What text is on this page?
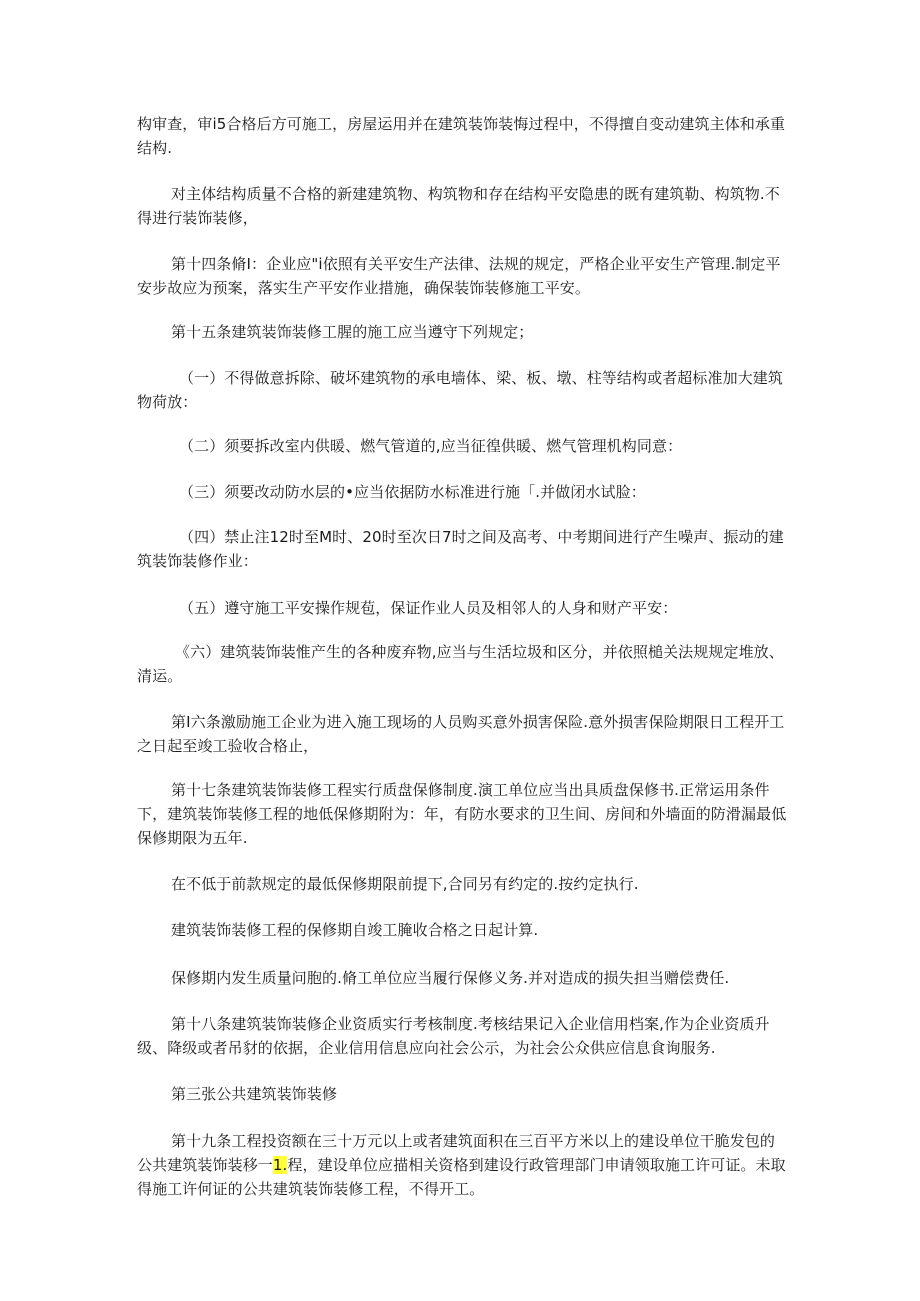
构审查，审i5合格后方可施工，房屋运用并在建筑装饰装悔过程中，不得擅自变动建筑主体和承重结构.

对主体结构质量不合格的新建建筑物、构筑物和存在结构平安隐患的既有建筑勒、构筑物.不得进行装饰装修，

第十四条脩I：企业应"i依照有关平安生产法律、法规的规定，严格企业平安生产管理.制定平安步故应为预案，落实生产平安作业措施，确保装饰装修施工平安。

第十五条建筑装饰装修工腥的施工应当遵守下列规定；

（一）不得做意拆除、破坏建筑物的承电墙体、梁、板、墩、柱等结构或者超标准加大建筑物荷放：

（二）须要拆改室内供暖、燃气管道的,应当征徨供暖、燃气管理机构同意：

（三）须要改动防水层的•应当依据防水标准进行施「.并做闭水试脸：

（四）禁止注12时至M时、20时至次日7时之间及高考、中考期间进行产生噪声、振动的建筑装饰装修作业：

（五）遵守施工平安操作规苞，保证作业人员及相邻人的人身和财产平安：

《六）建筑装饰装惟产生的各种废弃物,应当与生活垃圾和区分，并依照槌关法规规定堆放、清运。

第I六条激励施工企业为进入施工现场的人员购买意外损害保险.意外损害保险期限日工程开工之日起至竣工验收合格止，

第十七条建筑装饰装修工程实行质盘保修制度.演工单位应当出具质盘保修书.正常运用条件下，建筑装饰装修工程的地低保修期附为：年，有防水要求的卫生间、房间和外墙面的防滑漏最低保修期限为五年.

在不低于前款规定的最低保修期限前提下,合同另有约定的.按约定执行.

建筑装饰装修工程的保修期自竣工腌收合格之日起计算.

保修期内发生质量问胞的.脩工单位应当履行保修义务.并对造成的损失担当赠偿费任.

第十八条建筑装饰装修企业资质实行考核制度.考核结果记入企业信用档案,作为企业资质升级、降级或者吊豺的依据，企业信用信息应向社会公示，为社会公众供应信息食询服务.

第三张公共建筑装饰装修

第十九条工程投资额在三十万元以上或者建筑面积在三百平方米以上的建设单位干脆发包的公共建筑装饰装移一1.程，建设单位应描相关资格到建设行政管理部门申请领取施工许可证。未取得施工许何证的公共建筑装饰装修工程，不得开工。
